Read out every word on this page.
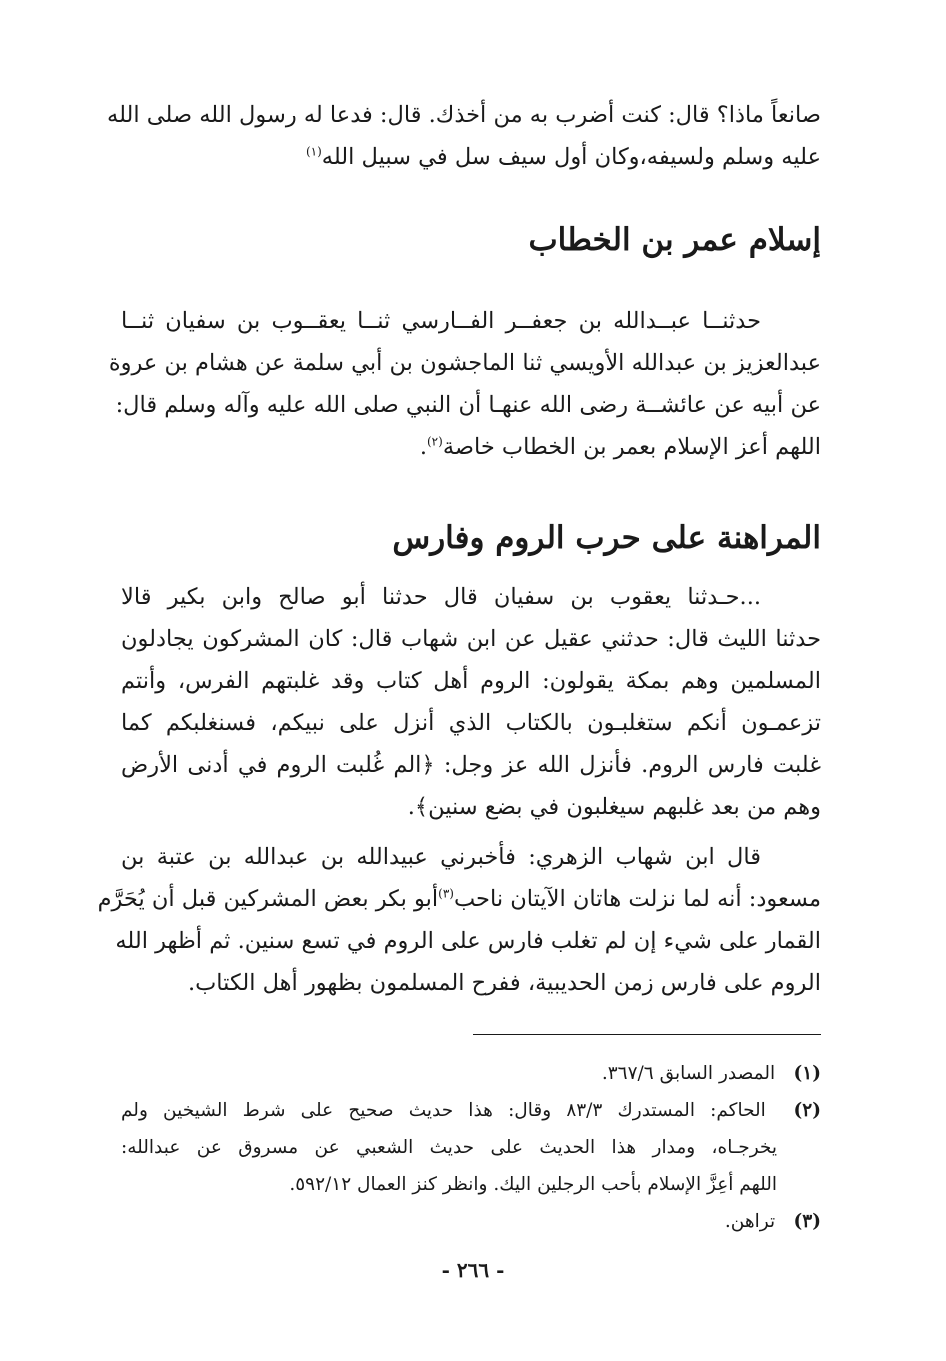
صانعاً ماذا؟ قال: كنت أضرب به من أخذك. قال: فدعا له رسول الله صلى الله
عليه وسلم ولسيفه،وكان أول سيف سل في سبيل الله$^{(١)}$
إسلام عمر بن الخطاب
حدثنــا عبــدالله بن جعفــر الفــارسي ثنــا يعقــوب بن سفيان ثنــا
عبدالعزيز بن عبدالله الأويسي ثنا الماجشون بن أبي سلمة عن هشام بن عروة
عن أبيه عن عائشــة رضى الله عنهـا أن النبي صلى الله عليه وآله وسلم قال:
اللهم أعز الإسلام بعمر بن الخطاب خاصة$^{(٢)}$.
المراهنة على حرب الروم وفارس
...حـدثنا يعقوب بن سفيان قال حدثنا أبو صالح وابن بكير قالا
حدثنا الليث قال: حدثني عقيل عن ابن شهاب قال: كان المشركون يجادلون
المسلمين وهم بمكة يقولون: الروم أهل كتاب وقد غلبتهم الفرس، وأنتم
تزعمـون أنكم ستغلبـون بالكتاب الذي أنزل على نبيكم، فسنغلبكم كما
غلبت فارس الروم. فأنزل الله عز وجل: ﴿الم غُلبت الروم في أدنى الأرض
وهم من بعد غلبهم سيغلبون في بضع سنين﴾.
قال ابن شهاب الزهري: فأخبرني عبيدالله بن عبدالله بن عتبة بن
مسعود: أنه لما نزلت هاتان الآيتان ناحب$^{(٣)}$أبو بكر بعض المشركين قبل أن يُحَرَّم
القمار على شيء إن لم تغلب فارس على الروم في تسع سنين. ثم أظهر الله
الروم على فارس زمن الحديبية، ففرح المسلمون بظهور أهل الكتاب.
(١) المصدر السابق ٣٦٧/٦.
(٢) الحاكم: المستدرك ٨٣/٣ وقال: هذا حديث صحيح على شرط الشيخين ولم
يخرجـاه، ومدار هذا الحديث على حديث الشعبي عن مسروق عن عبدالله:
اللهم أعِزَّ الإسلام بأحب الرجلين اليك. وانظر كنز العمال ٥٩٢/١٢.
(٣) تراهن.
- ٢٦٦ -
